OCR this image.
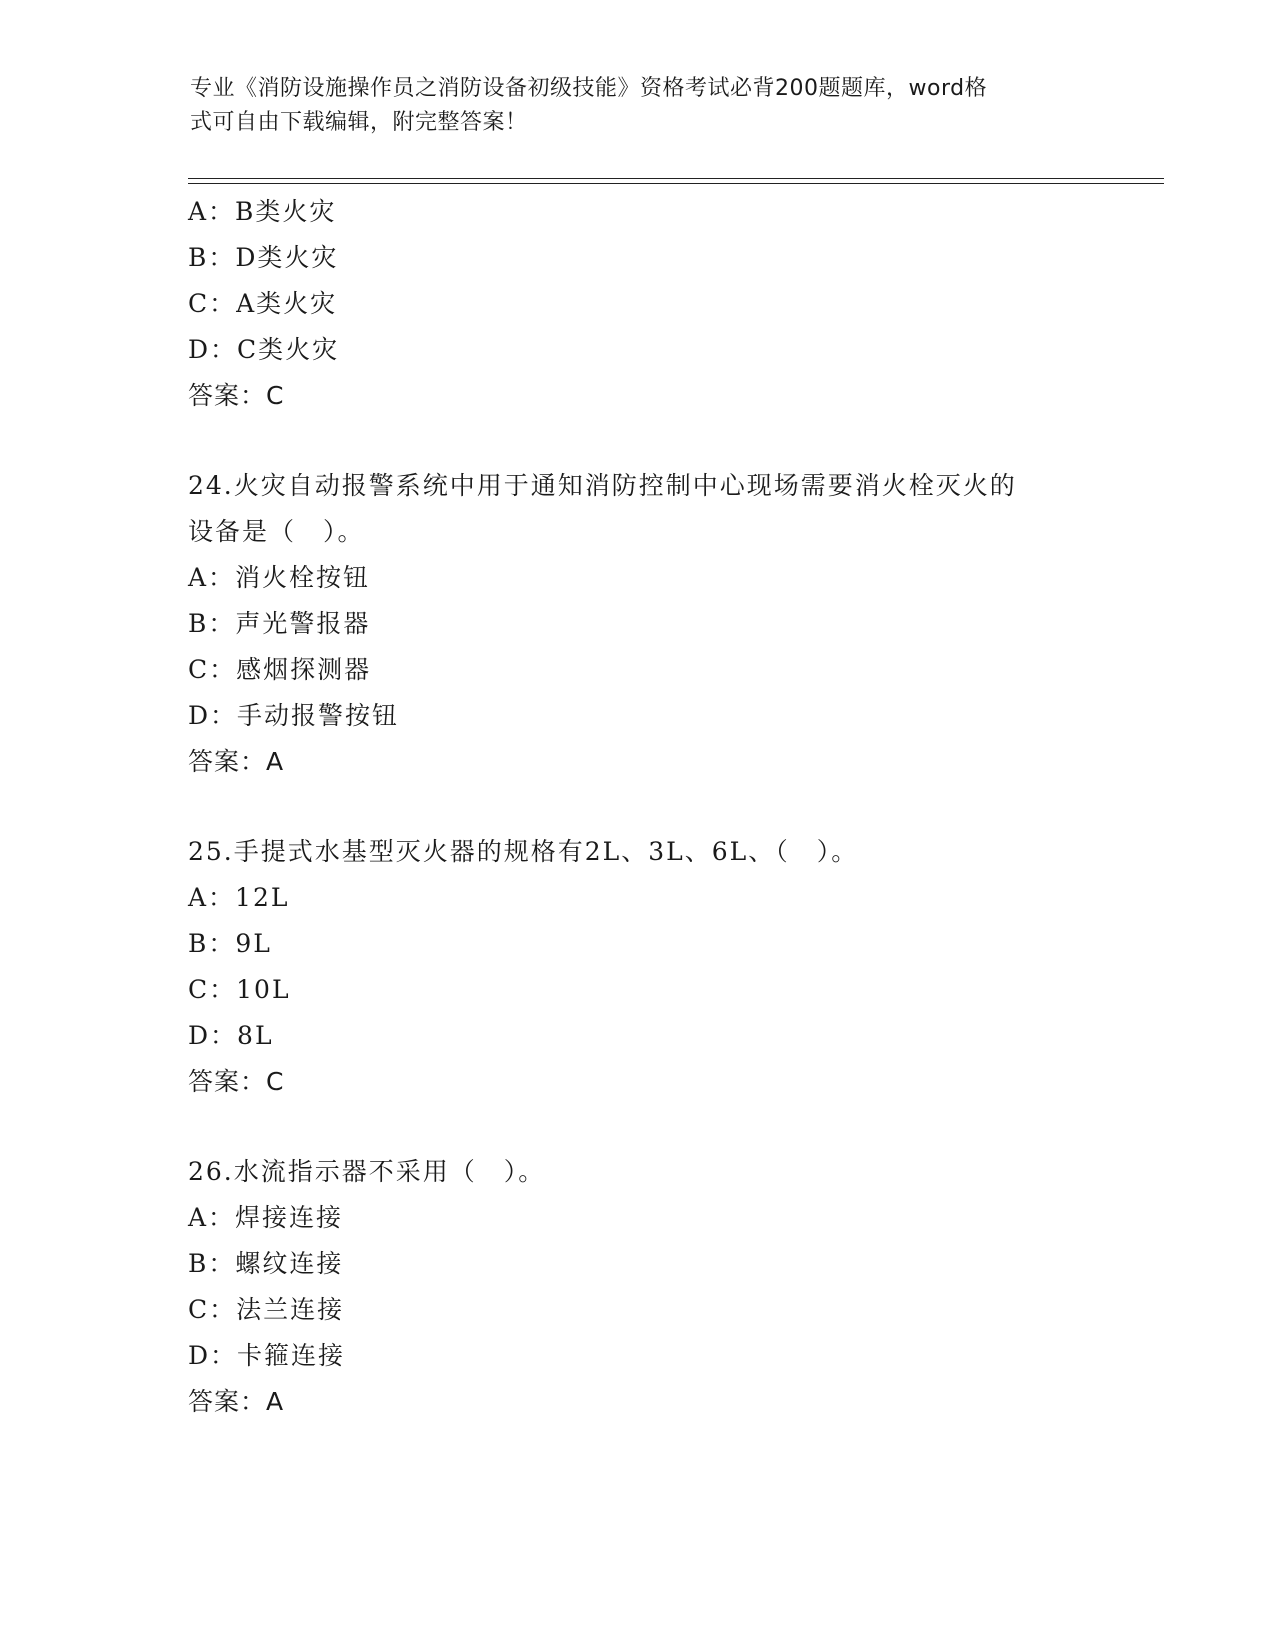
专业《消防设施操作员之消防设备初级技能》资格考试必背200题题库，word格
式可自由下载编辑，附完整答案！
A：B类火灾
B：D类火灾
C：A类火灾
D：C类火灾
答案：C
24.火灾自动报警系统中用于通知消防控制中心现场需要消火栓灭火的
设备是（　）。
A：消火栓按钮
B：声光警报器
C：感烟探测器
D：手动报警按钮
答案：A
25.手提式水基型灭火器的规格有2L、3L、6L、（　）。
A：12L
B：9L
C：10L
D：8L
答案：C
26.水流指示器不采用（　）。
A：焊接连接
B：螺纹连接
C：法兰连接
D：卡箍连接
答案：A
